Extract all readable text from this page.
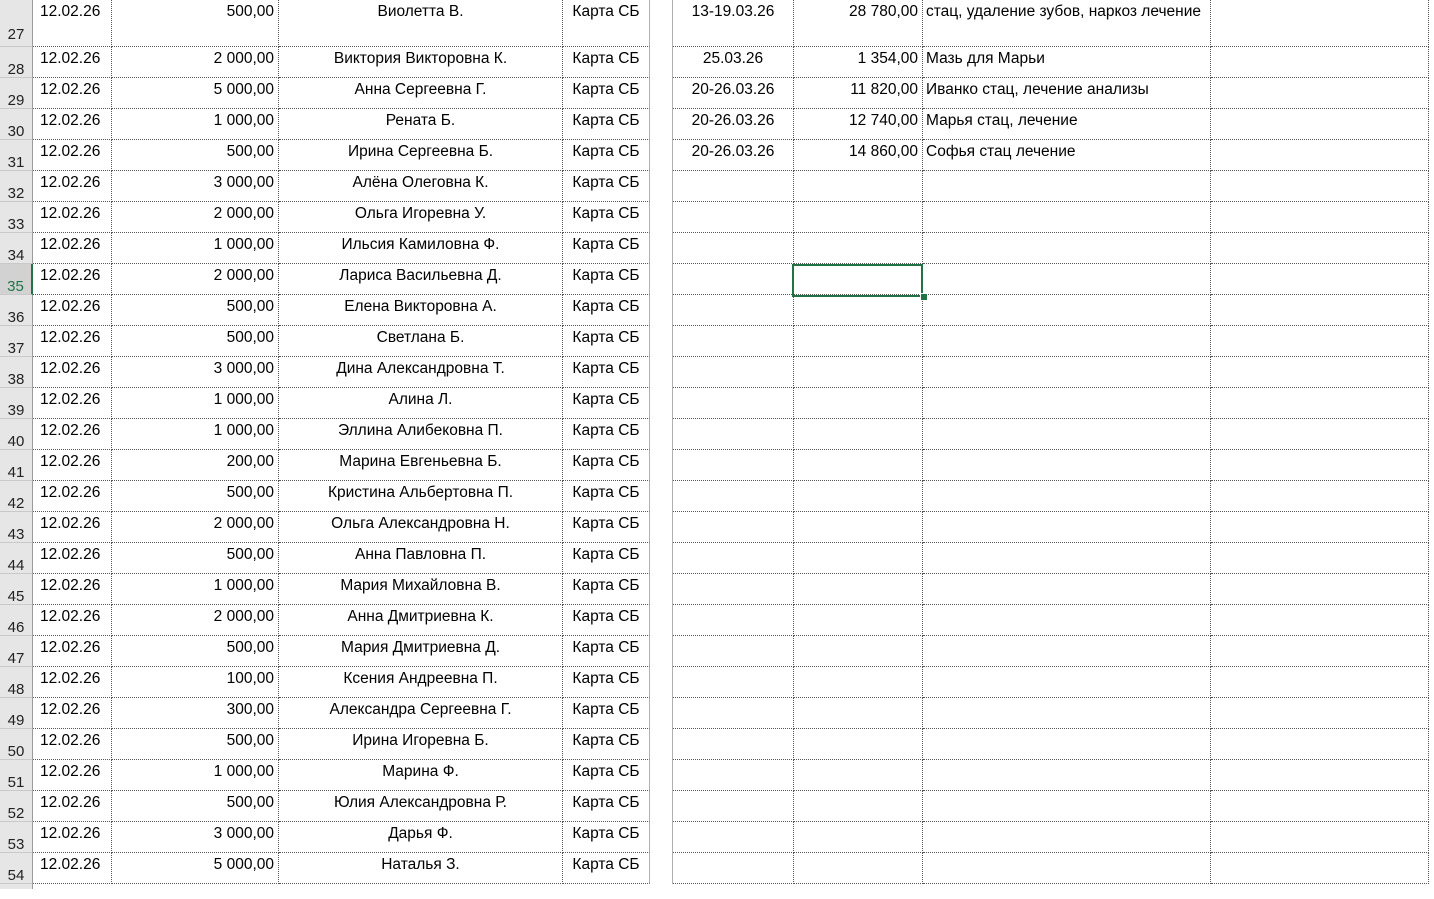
27
12.02.26	500,00	Виолетта В.	Карта СБ	13-19.03.26	28 780,00 стац, удаление зубов, наркоз лечение
28
12.02.26	2 000,00	Виктория Викторовна К.	Карта СБ	25.03.26	1 354,00 Мазь для Марьи
29
12.02.26	5 000,00	Анна Сергеевна Г.	Карта СБ	20-26.03.26	11 820,00 Иванко стац, лечение анализы
30
12.02.26	1 000,00	Рената Б.	Карта СБ	20-26.03.26	12 740,00 Марья стац, лечение
31
12.02.26	500,00	Ирина Сергеевна Б.	Карта СБ	20-26.03.26	14 860,00 Софья стац лечение
32
12.02.26	3 000,00	Алёна Олеговна К.	Карта СБ
33
12.02.26	2 000,00	Ольга Игоревна У.	Карта СБ
34
12.02.26	1 000,00	Ильсия Камиловна Ф.	Карта СБ
35
12.02.26	2 000,00	Лариса Васильевна Д.	Карта СБ
36
12.02.26	500,00	Елена Викторовна А.	Карта СБ
37
12.02.26	500,00	Светлана Б.	Карта СБ
38
12.02.26	3 000,00	Дина Александровна Т.	Карта СБ
39
12.02.26	1 000,00	Алина Л.	Карта СБ
40
12.02.26	1 000,00	Эллина Алибековна П.	Карта СБ
41
12.02.26	200,00	Марина Евгеньевна Б.	Карта СБ
42
12.02.26	500,00	Кристина Альбертовна П.	Карта СБ
43
12.02.26	2 000,00	Ольга Александровна Н.	Карта СБ
44
12.02.26	500,00	Анна Павловна П.	Карта СБ
45
12.02.26	1 000,00	Мария Михайловна В.	Карта СБ
46
12.02.26	2 000,00	Анна Дмитриевна К.	Карта СБ
47
12.02.26	500,00	Мария Дмитриевна Д.	Карта СБ
48
12.02.26	100,00	Ксения Андреевна П.	Карта СБ
49
12.02.26	300,00	Александра Сергеевна Г.	Карта СБ
50
12.02.26	500,00	Ирина Игоревна Б.	Карта СБ
51
12.02.26	1 000,00	Марина Ф.	Карта СБ
52
12.02.26	500,00	Юлия Александровна Р.	Карта СБ
53
12.02.26	3 000,00	Дарья Ф.	Карта СБ
54
12.02.26	5 000,00	Наталья З.	Карта СБ
